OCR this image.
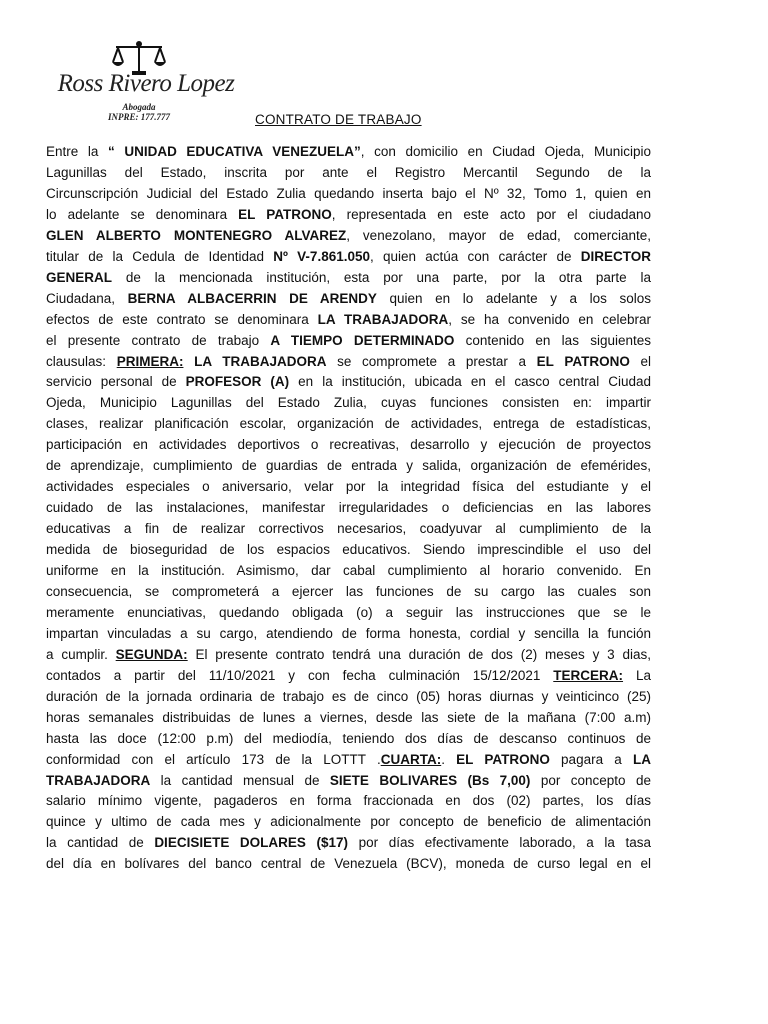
Ross Rivero Lopez
Abogada
INPRE: 177.777	CONTRATO DE TRABAJO
Entre la “ UNIDAD EDUCATIVA VENEZUELA”, con domicilio en Ciudad Ojeda, Municipio
Lagunillas del Estado, inscrita por ante el Registro Mercantil Segundo de la
Circunscripción Judicial del Estado Zulia quedando inserta bajo el Nº 32, Tomo 1, quien en
lo adelante se denominara EL PATRONO, representada en este acto por el ciudadano
GLEN ALBERTO MONTENEGRO ALVAREZ, venezolano, mayor de edad, comerciante,
titular de la Cedula de Identidad Nº V-7.861.050, quien actúa con carácter de DIRECTOR
GENERAL de la mencionada institución, esta por una parte, por la otra parte la
Ciudadana, BERNA ALBACERRIN DE ARENDY quien en lo adelante y a los solos
efectos de este contrato se denominara LA TRABAJADORA, se ha convenido en celebrar
el presente contrato de trabajo A TIEMPO DETERMINADO contenido en las siguientes
clausulas: PRIMERA: LA TRABAJADORA se compromete a prestar a EL PATRONO el
servicio personal de PROFESOR (A) en la institución, ubicada en el casco central Ciudad
Ojeda, Municipio Lagunillas del Estado Zulia, cuyas funciones consisten en: impartir
clases, realizar planificación escolar, organización de actividades, entrega de estadísticas,
participación en actividades deportivos o recreativas, desarrollo y ejecución de proyectos
de aprendizaje, cumplimiento de guardias de entrada y salida, organización de efemérides,
actividades especiales o aniversario, velar por la integridad física del estudiante y el
cuidado de las instalaciones, manifestar irregularidades o deficiencias en las labores
educativas a fin de realizar correctivos necesarios, coadyuvar al cumplimiento de la
medida de bioseguridad de los espacios educativos. Siendo imprescindible el uso del
uniforme en la institución. Asimismo, dar cabal cumplimiento al horario convenido. En
consecuencia, se comprometerá a ejercer las funciones de su cargo las cuales son
meramente enunciativas, quedando obligada (o) a seguir las instrucciones que se le
impartan vinculadas a su cargo, atendiendo de forma honesta, cordial y sencilla la función
a cumplir. SEGUNDA: El presente contrato tendrá una duración de dos (2) meses y 3 dias,
contados a partir del 11/10/2021 y con fecha culminación 15/12/2021 TERCERA: La
duración de la jornada ordinaria de trabajo es de cinco (05) horas diurnas y veinticinco (25)
horas semanales distribuidas de lunes a viernes, desde las siete de la mañana (7:00 a.m)
hasta las doce (12:00 p.m) del mediodía, teniendo dos días de descanso continuos de
conformidad con el artículo 173 de la LOTTT .CUARTA:. EL PATRONO pagara a LA
TRABAJADORA la cantidad mensual de SIETE BOLIVARES (Bs 7,00) por concepto de
salario mínimo vigente, pagaderos en forma fraccionada en dos (02) partes, los días
quince y ultimo de cada mes y adicionalmente por concepto de beneficio de alimentación
la cantidad de DIECISIETE DOLARES ($17) por días efectivamente laborado, a la tasa
del día en bolívares del banco central de Venezuela (BCV), moneda de curso legal en el
